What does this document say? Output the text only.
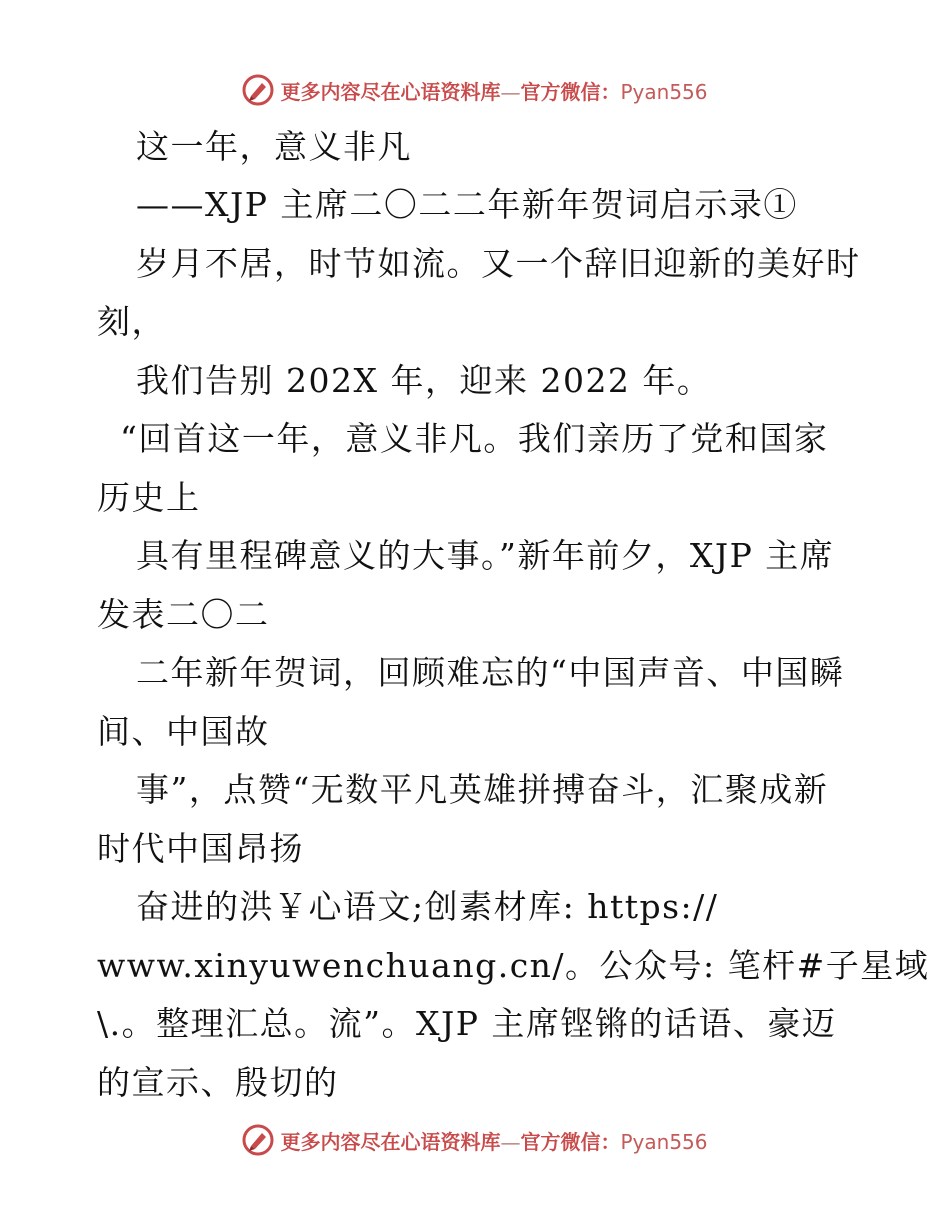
更多内容尽在心语资料库—官方微信：Pyan556
这一年，意义非凡
——XJP 主席二〇二二年新年贺词启示录①
岁月不居，时节如流。又一个辞旧迎新的美好时
刻，
我们告别 202X 年，迎来 2022 年。
“回首这一年，意义非凡。我们亲历了党和国家
历史上
具有里程碑意义的大事。”新年前夕，XJP 主席
发表二〇二
二年新年贺词，回顾难忘的“中国声音、中国瞬
间、中国故
事”，点赞“无数平凡英雄拼搏奋斗，汇聚成新
时代中国昂扬
奋进的洪￥心语文;创素材库: https://
www.xinyuwenchuang.cn/。公众号: 笔杆#子星域
\.。整理汇总。流”。XJP 主席铿锵的话语、豪迈
的宣示、殷切的
更多内容尽在心语资料库—官方微信：Pyan556
